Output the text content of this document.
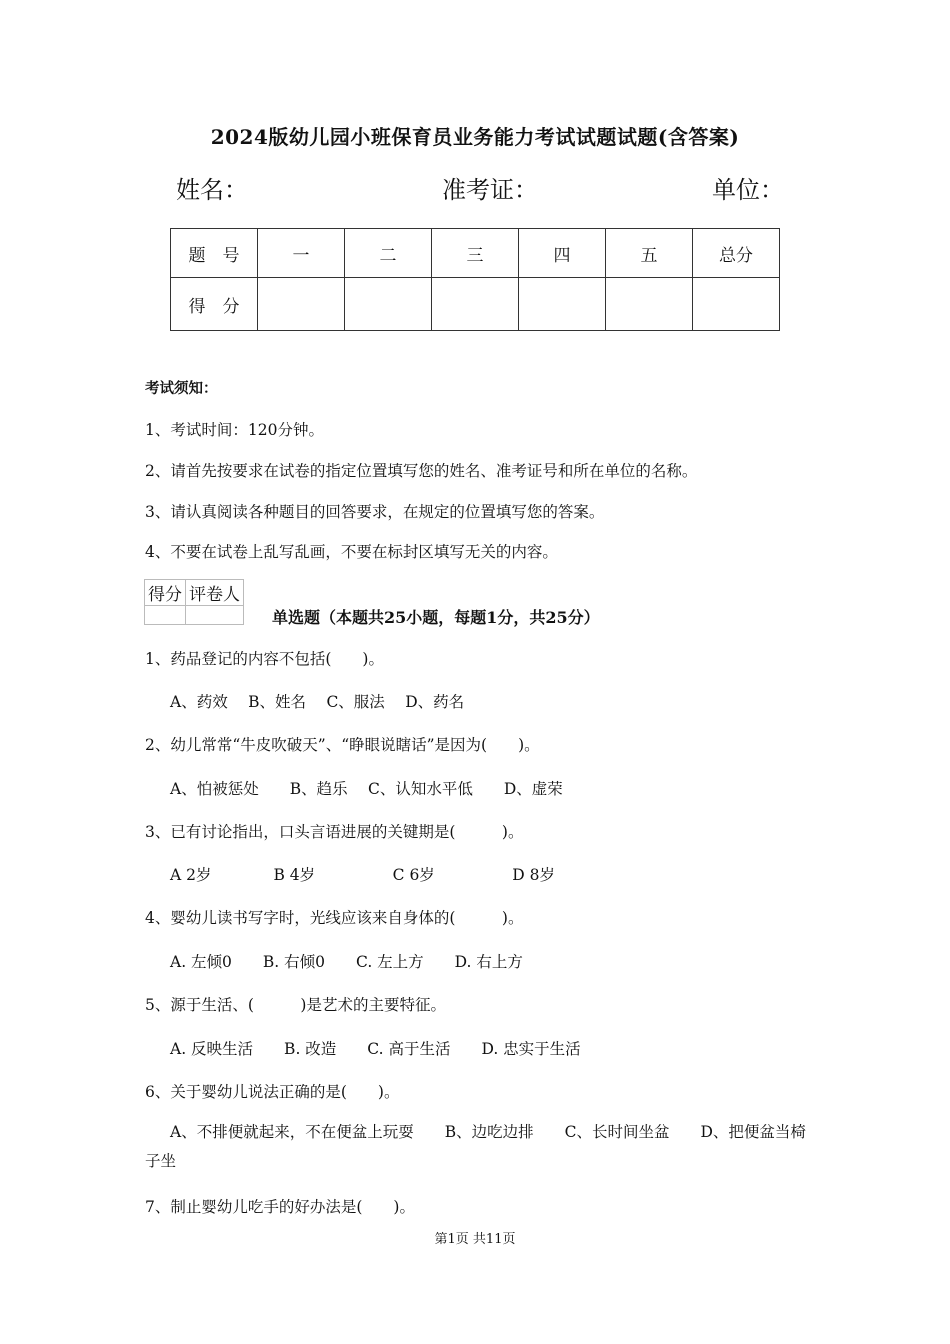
2024版幼儿园小班保育员业务能力考试试题试题(含答案)
姓名：	准考证：	单位：
题　号	一	二	三	四	五	总分
得　分						
考试须知：
1、考试时间：120分钟。
2、请首先按要求在试卷的指定位置填写您的姓名、准考证号和所在单位的名称。
3、请认真阅读各种题目的回答要求，在规定的位置填写您的答案。
4、不要在试卷上乱写乱画，不要在标封区填写无关的内容。
得分	评卷人

单选题（本题共25小题，每题1分，共25分）
1、药品登记的内容不包括(　　)。
A、药效　 B、姓名　 C、服法　 D、药名
2、幼儿常常“牛皮吹破天”、“睁眼说瞎话”是因为(　　)。
A、怕被惩处　　B、趋乐　 C、认知水平低　　D、虚荣
3、已有讨论指出，口头言语进展的关键期是(　　　)。
A 2岁　　　　B 4岁　　　　　C 6岁　　　　　D 8岁
4、婴幼儿读书写字时，光线应该来自身体的(　　　)。
A. 左倾0　　B. 右倾0　　C. 左上方　　D. 右上方
5、源于生活、(　　　)是艺术的主要特征。
A. 反映生活　　B. 改造　　C. 高于生活　　D. 忠实于生活
6、关于婴幼儿说法正确的是(　　)。
A、不排便就起来，不在便盆上玩耍　　B、边吃边排　　C、长时间坐盆　　D、把便盆当椅子坐
7、制止婴幼儿吃手的好办法是(　　)。
第1页 共11页
